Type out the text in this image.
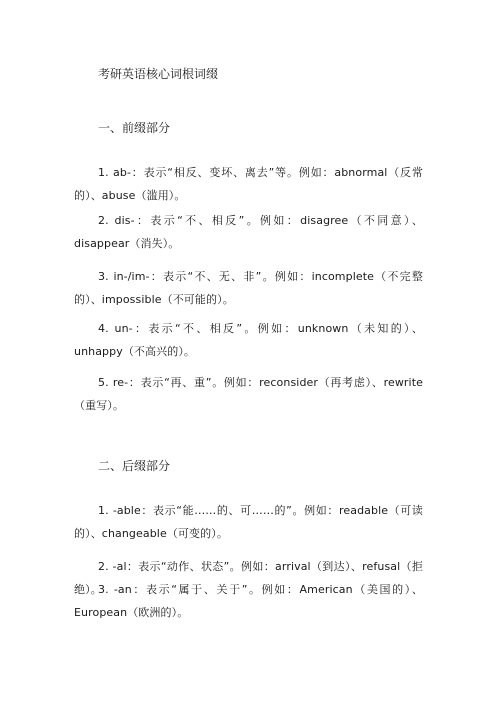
考研英语核心词根词缀
一、前缀部分

1. ab-：表示“相反、变坏、离去”等。例如：abnormal（反常的）、abuse（滥用）。

2. dis-：表示“不、相反”。例如：disagree（不同意）、disappear（消失）。

3. in-/im-：表示“不、无、非”。例如：incomplete（不完整的）、impossible（不可能的）。

4. un-：表示“不、相反”。例如：unknown（未知的）、unhappy（不高兴的）。

5. re-：表示“再、重”。例如：reconsider（再考虑）、rewrite（重写）。

二、后缀部分

1. -able：表示“能……的、可……的”。例如：readable（可读的）、changeable（可变的）。

2. -al：表示“动作、状态”。例如：arrival（到达）、refusal（拒绝）。

3. -an：表示“属于、关于”。例如：American（美国的）、European（欧洲的）。
